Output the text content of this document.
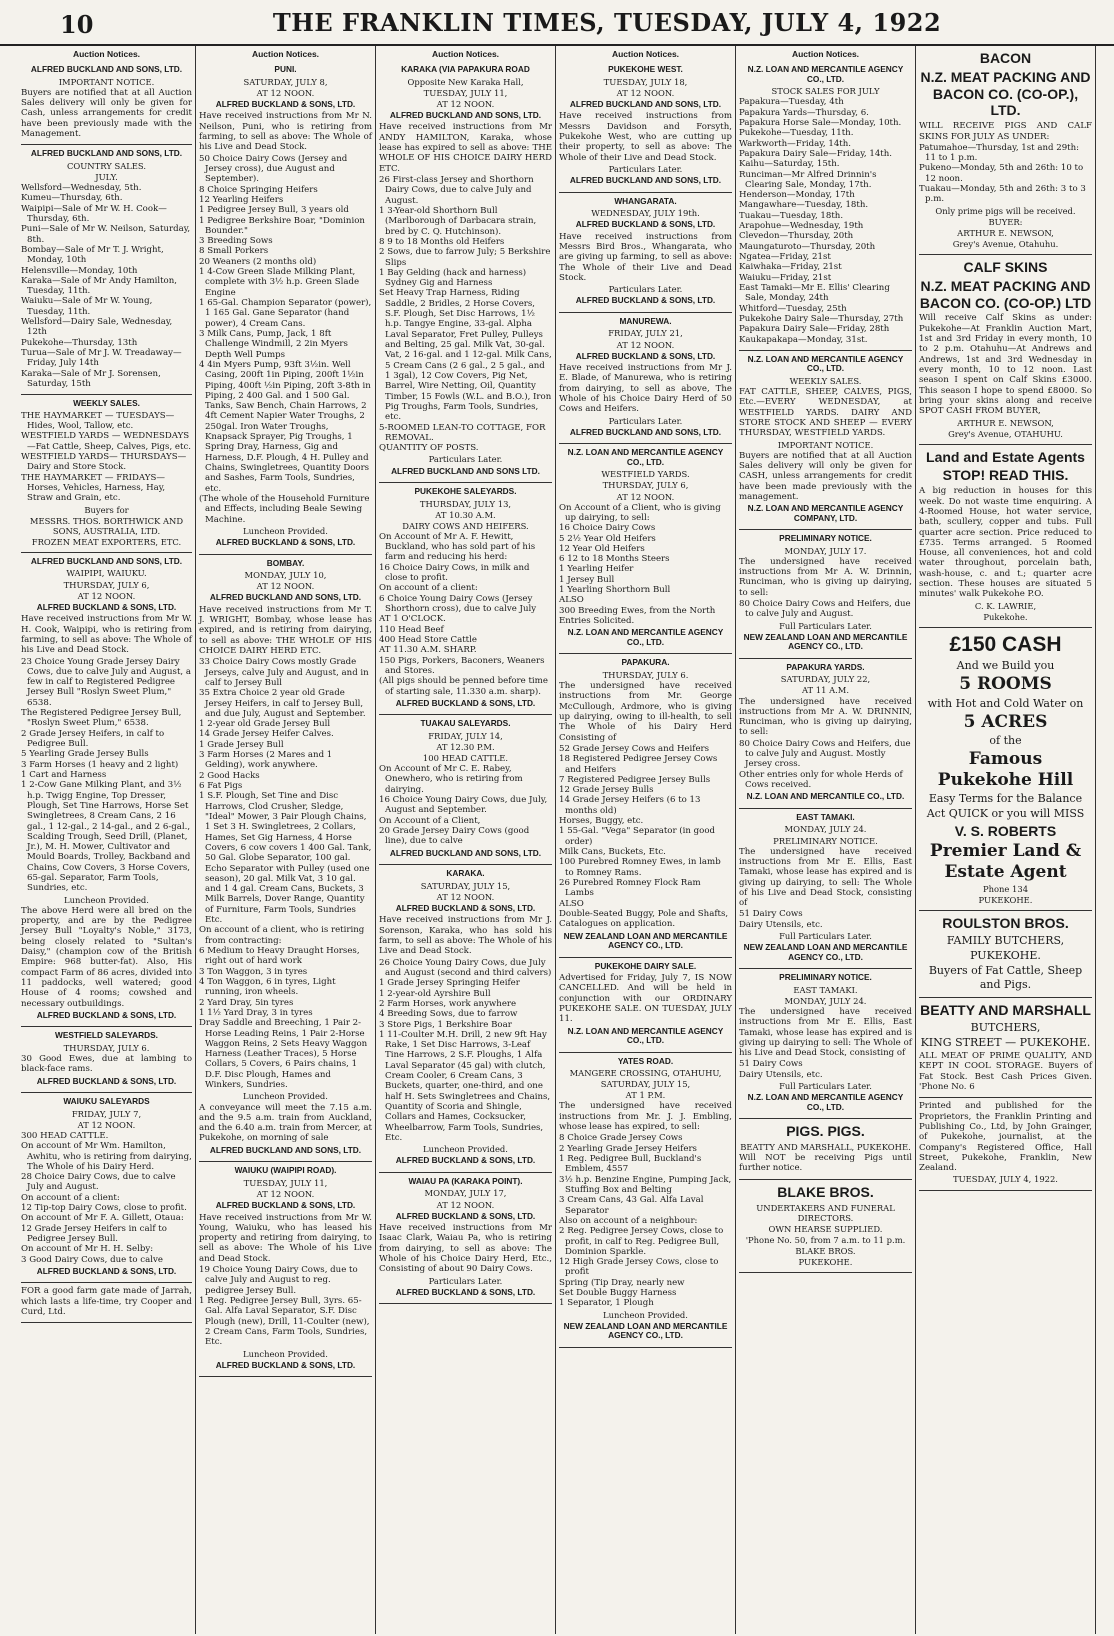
10	THE FRANKLIN TIMES, TUESDAY, JULY 4, 1922
Auction Notices.
ALFRED BUCKLAND AND SONS, LTD.
IMPORTANT NOTICE.
Buyers are notified that at all Auction Sales delivery will only be given for Cash, unless arrangements for credit have been previously made with the Management.
ALFRED BUCKLAND AND SONS, LTD.
COUNTRY SALES.
JULY.
Wellsford—Wednesday, 5th.
Kumeu—Thursday, 6th.
Waipipi—Sale of Mr W. H. Cook—Thursday, 6th.
Puni—Sale of Mr W. Neilson, Saturday, 8th.
Bombay—Sale of Mr T. J. Wright, Monday, 10th
Helensville—Monday, 10th
Karaka—Sale of Mr Andy Hamilton, Tuesday, 11th.
Waiuku—Sale of Mr W. Young, Tuesday, 11th.
Wellsford—Dairy Sale, Wednesday, 12th
Pukekohe—Thursday, 13th
Turua—Sale of Mr J. W. Treadaway—Friday, July 14th
Karaka—Sale of Mr J. Sorensen, Saturday, 15th
WEEKLY SALES.
THE HAYMARKET — TUESDAYS—Hides, Wool, Tallow, etc.
WESTFIELD YARDS — WEDNESDAYS—Fat Cattle, Sheep, Calves, Pigs, etc.
WESTFIELD YARDS— THURSDAYS—Dairy and Store Stock.
THE HAYMARKET — FRIDAYS—Horses, Vehicles, Harness, Hay, Straw and Grain, etc.
Buyers for
MESSRS. THOS. BORTHWICK AND SONS, AUSTRALIA, LTD.
FROZEN MEAT EXPORTERS, ETC.
ALFRED BUCKLAND AND SONS, LTD.
WAIPIPI, WAIUKU.
THURSDAY, JULY 6,
AT 12 NOON.
ALFRED BUCKLAND & SONS, LTD.
Have received instructions from Mr W. H. Cook, Waipipi, who is retiring from farming, to sell as above: The Whole of his Live and Dead Stock.
23 Choice Young Grade Jersey Dairy Cows, due to calve July and August, a few in calf to Registered Pedigree Jersey Bull "Roslyn Sweet Plum," 6538.
The Registered Pedigree Jersey Bull, "Roslyn Sweet Plum," 6538.
2 Grade Jersey Heifers, in calf to Pedigree Bull.
5 Yearling Grade Jersey Bulls
3 Farm Horses (1 heavy and 2 light)
1 Cart and Harness
1 2-Cow Gane Milking Plant, and 3½ h.p. Twigg Engine, Top Dresser, Plough, Set Tine Harrows, Horse Set Swingletrees, 8 Cream Cans, 2 16 gal., 1 12-gal., 2 14-gal., and 2 6-gal., Scalding Trough, Seed Drill, (Planet, Jr.), M. H. Mower, Cultivator and Mould Boards, Trolley, Backband and Chains, Cow Covers, 3 Horse Covers, 65-gal. Separator, Farm Tools, Sundries, etc.
Luncheon Provided.
The above Herd were all bred on the property, and are by the Pedigree Jersey Bull "Loyalty's Noble," 3173, being closely related to "Sultan's Daisy," (champion cow of the British Empire: 968 butter-fat). Also, His compact Farm of 86 acres, divided into 11 paddocks, well watered; good House of 4 rooms; cowshed and necessary outbuildings.
ALFRED BUCKLAND & SONS, LTD.
WESTFIELD SALEYARDS.
THURSDAY, JULY 6.
30 Good Ewes, due at lambing to black-face rams.
ALFRED BUCKLAND & SONS, LTD.
WAIUKU SALEYARDS
FRIDAY, JULY 7,
AT 12 NOON.
300 HEAD CATTLE.
On account of Mr Wm. Hamilton, Awhitu, who is retiring from dairying, The Whole of his Dairy Herd.
28 Choice Dairy Cows, due to calve July and August.
On account of a client:
12 Tip-top Dairy Cows, close to profit.
On account of Mr F. A. Gillett, Otaua:
12 Grade Jersey Heifers in calf to Pedigree Jersey Bull.
On account of Mr H. H. Selby:
3 Good Dairy Cows, due to calve
ALFRED BUCKLAND & SONS, LTD.
FOR a good farm gate made of Jarrah, which lasts a life-time, try Cooper and Curd, Ltd.
Auction Notices.
PUNI.
SATURDAY, JULY 8,
AT 12 NOON.
ALFRED BUCKLAND & SONS, LTD.
Have received instructions from Mr N. Neilson, Puni, who is retiring from farming, to sell as above: The Whole of his Live and Dead Stock.
50 Choice Dairy Cows (Jersey and Jersey cross), due August and September).
8 Choice Springing Heifers
12 Yearling Heifers
1 Pedigree Jersey Bull, 3 years old
1 Pedigree Berkshire Boar, "Dominion Bounder."
3 Breeding Sows
8 Small Porkers
20 Weaners (2 months old)
1 4-Cow Green Slade Milking Plant, complete with 3½ h.p. Green Slade Engine
1 65-Gal. Champion Separator (power), 1 165 Gal. Gane Separator (hand power), 4 Cream Cans.
3 Milk Cans, Pump, Jack, 1 8ft Challenge Windmill, 2 2in Myers Depth Well Pumps
4 4in Myers Pump, 93ft 3½in. Well Casing, 200ft 1in Piping, 200ft 1½in Piping, 400ft ½in Piping, 20ft 3-8th in Piping, 2 400 Gal. and 1 500 Gal. Tanks, Saw Bench, Chain Harrows, 2 4ft Cement Napier Water Troughs, 2 250gal. Iron Water Troughs, Knapsack Sprayer, Pig Troughs, 1 Spring Dray, Harness, Gig and Harness, D.F. Plough, 4 H. Pulley and Chains, Swingletrees, Quantity Doors and Sashes, Farm Tools, Sundries, etc.
(The whole of the Household Furniture and Effects, including Beale Sewing Machine.
Luncheon Provided.
ALFRED BUCKLAND & SONS, LTD.
BOMBAY.
MONDAY, JULY 10,
AT 12 NOON.
ALFRED BUCKLAND AND SONS, LTD.
Have received instructions from Mr T. J. WRIGHT, Bombay, whose lease has expired, and is retiring from dairying, to sell as above: THE WHOLE OF HIS CHOICE DAIRY HERD ETC.
33 Choice Dairy Cows mostly Grade Jerseys, calve July and August, and in calf to Jersey Bull
35 Extra Choice 2 year old Grade Jersey Heifers, in calf to Jersey Bull, and due July, August and September.
1 2-year old Grade Jersey Bull
14 Grade Jersey Heifer Calves.
1 Grade Jersey Bull
3 Farm Horses (2 Mares and 1 Gelding), work anywhere.
2 Good Hacks
6 Fat Pigs
1 S.F. Plough, Set Tine and Disc Harrows, Clod Crusher, Sledge, "Ideal" Mower, 3 Pair Plough Chains, 1 Set 3 H. Swingletrees, 2 Collars, Hames, Set Gig Harness, 4 Horse Covers, 6 cow covers 1 400 Gal. Tank, 50 Gal. Globe Separator, 100 gal. Echo Separator with Pulley (used one season), 20 gal. Milk Vat, 3 10 gal. and 1 4 gal. Cream Cans, Buckets, 3 Milk Barrels, Dover Range, Quantity of Furniture, Farm Tools, Sundries Etc.
On account of a client, who is retiring from contracting:
6 Medium to Heavy Draught Horses, right out of hard work
3 Ton Waggon, 3 in tyres
4 Ton Waggon, 6 in tyres, Light running, iron wheels.
2 Yard Dray, 5in tyres
1 1½ Yard Dray, 3 in tyres
Dray Saddle and Breeching, 1 Pair 2-Horse Leading Reins, 1 Pair 2-Horse Waggon Reins, 2 Sets Heavy Waggon Harness (Leather Traces), 5 Horse Collars, 5 Covers, 6 Pairs chains, 1 D.F. Disc Plough, Hames and Winkers, Sundries.
Luncheon Provided.
A conveyance will meet the 7.15 a.m. and the 9.5 a.m. train from Auckland, and the 6.40 a.m. train from Mercer, at Pukekohe, on morning of sale
ALFRED BUCKLAND AND SONS, LTD.
WAIUKU (WAIPIPI ROAD).
TUESDAY, JULY 11,
AT 12 NOON.
ALFRED BUCKLAND & SONS, LTD.
Have received instructions from Mr W. Young, Waiuku, who has leased his property and retiring from dairying, to sell as above: The Whole of his Live and Dead Stock.
19 Choice Young Dairy Cows, due to calve July and August to reg. pedigree Jersey Bull.
1 Reg. Pedigree Jersey Bull, 3yrs. 65-Gal. Alfa Laval Separator, S.F. Disc Plough (new), Drill, 11-Coulter (new), 2 Cream Cans, Farm Tools, Sundries, Etc.
Luncheon Provided.
ALFRED BUCKLAND & SONS, LTD.
Auction Notices.
KARAKA (VIA PAPAKURA ROAD
Opposite New Karaka Hall,
TUESDAY, JULY 11,
AT 12 NOON.
ALFRED BUCKLAND AND SONS, LTD.
Have received instructions from Mr ANDY HAMILTON, Karaka, whose lease has expired to sell as above: THE WHOLE OF HIS CHOICE DAIRY HERD ETC.
26 First-class Jersey and Shorthorn Dairy Cows, due to calve July and August.
1 3-Year-old Shorthorn Bull (Marlborough of Darbacara strain, bred by C. Q. Hutchinson).
8 9 to 18 Months old Heifers
2 Sows, due to farrow July; 5 Berkshire Slips
1 Bay Gelding (hack and harness) Sydney Gig and Harness
Set Heavy Trap Harness, Riding Saddle, 2 Bridles, 2 Horse Covers, S.F. Plough, Set Disc Harrows, 1½ h.p. Tangye Engine, 33-gal. Alpha Laval Separator, Fret Pulley, Pulleys and Belting, 25 gal. Milk Vat, 30-gal. Vat, 2 16-gal. and 1 12-gal. Milk Cans, 5 Cream Cans (2 6 gal., 2 5 gal., and 1 3gal), 12 Cow Covers, Pig Net, Barrel, Wire Netting, Oil, Quantity Timber, 15 Fowls (W.L. and B.O.), Iron Pig Troughs, Farm Tools, Sundries, etc.
5-ROOMED LEAN-TO COTTAGE, FOR REMOVAL.
QUANTITY OF POSTS.
Particulars Later.
ALFRED BUCKLAND AND SONS LTD.
PUKEKOHE SALEYARDS.
THURSDAY, JULY 13,
AT 10.30 A.M.
DAIRY COWS AND HEIFERS.
On Account of Mr A. F. Hewitt, Buckland, who has sold part of his farm and reducing his herd:
16 Choice Dairy Cows, in milk and close to profit.
On account of a client:
6 Choice Young Dairy Cows (Jersey Shorthorn cross), due to calve July
AT 1 O'CLOCK.
110 Head Beef
400 Head Store Cattle
AT 11.30 A.M. SHARP.
150 Pigs, Porkers, Baconers, Weaners and Stores.
(All pigs should be penned before time of starting sale, 11.330 a.m. sharp).
ALFRED BUCKLAND & SONS, LTD.
TUAKAU SALEYARDS.
FRIDAY, JULY 14,
AT 12.30 P.M.
100 HEAD CATTLE.
On Account of Mr C. E. Rabey, Onewhero, who is retiring from dairying.
16 Choice Young Dairy Cows, due July, August and September.
On Account of a Client,
20 Grade Jersey Dairy Cows (good line), due to calve
ALFRED BUCKLAND AND SONS, LTD.
KARAKA.
SATURDAY, JULY 15,
AT 12 NOON.
ALFRED BUCKLAND & SONS, LTD.
Have received instructions from Mr J. Sorenson, Karaka, who has sold his farm, to sell as above: The Whole of his Live and Dead Stock.
26 Choice Young Dairy Cows, due July and August (second and third calvers)
1 Grade Jersey Springing Heifer
1 2-year-old Ayrshire Bull
2 Farm Horses, work anywhere
4 Breeding Sows, due to farrow
3 Store Pigs, 1 Berkshire Boar
1 11-Coulter M.H. Drill, 2 new 9ft Hay Rake, 1 Set Disc Harrows, 3-Leaf Tine Harrows, 2 S.F. Ploughs, 1 Alfa Laval Separator (45 gal) with clutch, Cream Cooler, 6 Cream Cans, 3 Buckets, quarter, one-third, and one half H. Sets Swingletrees and Chains, Quantity of Scoria and Shingle, Collars and Hames, Cocksucker, Wheelbarrow, Farm Tools, Sundries, Etc.
Luncheon Provided.
ALFRED BUCKLAND & SONS, LTD.
WAIAU PA (KARAKA POINT).
MONDAY, JULY 17,
AT 12 NOON.
ALFRED BUCKLAND & SONS, LTD.
Have received instructions from Mr Isaac Clark, Waiau Pa, who is retiring from dairying, to sell as above: The Whole of his Choice Dairy Herd, Etc., Consisting of about 90 Dairy Cows.
Particulars Later.
ALFRED BUCKLAND & SONS, LTD.
Auction Notices.
PUKEKOHE WEST.
TUESDAY, JULY 18,
AT 12 NOON.
ALFRED BUCKLAND AND SONS, LTD.
Have received instructions from Messrs Davidson and Forsyth, Pukekohe West, who are cutting up their property, to sell as above: The Whole of their Live and Dead Stock.
Particulars Later.
ALFRED BUCKLAND AND SONS, LTD.
WHANGARATA.
WEDNESDAY, JULY 19th.
ALFRED BUCKLAND & SONS, LTD.
Have received instructions from Messrs Bird Bros., Whangarata, who are giving up farming, to sell as above: The Whole of their Live and Dead Stock.
Particulars Later.
ALFRED BUCKLAND & SONS, LTD.
MANUREWA.
FRIDAY, JULY 21,
AT 12 NOON.
ALFRED BUCKLAND & SONS, LTD.
Have received instructions from Mr J. E. Blade, of Manurewa, who is retiring from dairying, to sell as above, The Whole of his Choice Dairy Herd of 50 Cows and Heifers.
Particulars Later.
ALFRED BUCKLAND AND SONS, LTD.
N.Z. LOAN AND MERCANTILE AGENCY CO., LTD.
WESTFIELD YARDS.
THURSDAY, JULY 6,
AT 12 NOON.
On Account of a Client, who is giving up dairying, to sell:
16 Choice Dairy Cows
5 2½ Year Old Heifers
12 Year Old Heifers
6 12 to 18 Months Steers
1 Yearling Heifer
1 Jersey Bull
1 Yearling Shorthorn Bull
ALSO
300 Breeding Ewes, from the North
Entries Solicited.
N.Z. LOAN AND MERCANTILE AGENCY CO., LTD.
PAPAKURA.
THURSDAY, JULY 6.
The undersigned have received instructions from Mr. George McCullough, Ardmore, who is giving up dairying, owing to ill-health, to sell The Whole of his Dairy Herd Consisting of
52 Grade Jersey Cows and Heifers
18 Registered Pedigree Jersey Cows and Heifers
7 Registered Pedigree Jersey Bulls
12 Grade Jersey Bulls
14 Grade Jersey Heifers (6 to 13 months old)
Horses, Buggy, etc.
1 55-Gal. "Vega" Separator (in good order)
Milk Cans, Buckets, Etc.
100 Purebred Romney Ewes, in lamb to Romney Rams.
26 Purebred Romney Flock Ram Lambs
ALSO
Double-Seated Buggy, Pole and Shafts,
Catalogues on application.
NEW ZEALAND LOAN AND MERCANTILE AGENCY CO., LTD.
PUKEKOHE DAIRY SALE.
Advertised for Friday, July 7, IS NOW CANCELLED. And will be held in conjunction with our ORDINARY PUKEKOHE SALE. ON TUESDAY, JULY 11.
N.Z. LOAN AND MERCANTILE AGENCY CO., LTD.
YATES ROAD.
MANGERE CROSSING, OTAHUHU,
SATURDAY, JULY 15,
AT 1 P.M.
The undersigned have received instructions from Mr. J. J. Embling, whose lease has expired, to sell:
8 Choice Grade Jersey Cows
2 Yearling Grade Jersey Heifers
1 Reg. Pedigree Bull, Buckland's Emblem, 4557
3½ h.p. Benzine Engine, Pumping Jack, Stuffing Box and Belting
3 Cream Cans, 43 Gal. Alfa Laval Separator
Also on account of a neighbour:
2 Reg. Pedigree Jersey Cows, close to profit, in calf to Reg. Pedigree Bull, Dominion Sparkle.
12 High Grade Jersey Cows, close to profit
Spring (Tip Dray, nearly new
Set Double Buggy Harness
1 Separator, 1 Plough
Luncheon Provided.
NEW ZEALAND LOAN AND MERCANTILE AGENCY CO., LTD.
Auction Notices.
N.Z. LOAN AND MERCANTILE AGENCY CO., LTD.
STOCK SALES FOR JULY
Papakura—Tuesday, 4th
Papakura Yards—Thursday, 6.
Papakura Horse Sale—Monday, 10th.
Pukekohe—Tuesday, 11th.
Warkworth—Friday, 14th.
Papakura Dairy Sale—Friday, 14th.
Kaihu—Saturday, 15th.
Runciman—Mr Alfred Drinnin's Clearing Sale, Monday, 17th.
Henderson—Monday, 17th
Mangawhare—Tuesday, 18th.
Tuakau—Tuesday, 18th.
Arapohue—Wednesday, 19th
Clevedon—Thursday, 20th
Maungaturoto—Thursday, 20th
Ngatea—Friday, 21st
Kaiwhaka—Friday, 21st
Waiuku—Friday, 21st
East Tamaki—Mr E. Ellis' Clearing Sale, Monday, 24th
Whitford—Tuesday, 25th
Pukekohe Dairy Sale—Thursday, 27th
Papakura Dairy Sale—Friday, 28th
Kaukapakapa—Monday, 31st.
N.Z. LOAN AND MERCANTILE AGENCY CO., LTD.
WEEKLY SALES.
FAT CATTLE, SHEEP, CALVES, PIGS, Etc.—EVERY WEDNESDAY, at WESTFIELD YARDS. DAIRY AND STORE STOCK AND SHEEP — EVERY THURSDAY, WESTFIELD YARDS.
IMPORTANT NOTICE.
Buyers are notified that at all Auction Sales delivery will only be given for CASH, unless arrangements for credit have been made previously with the management.
N.Z. LOAN AND MERCANTILE AGENCY COMPANY, LTD.
PRELIMINARY NOTICE.
MONDAY, JULY 17.
The undersigned have received instructions from Mr A. W. Drinnin, Runciman, who is giving up dairying, to sell:
80 Choice Dairy Cows and Heifers, due to calve July and August.
Full Particulars Later.
NEW ZEALAND LOAN AND MERCANTILE AGENCY CO., LTD.
PAPAKURA YARDS.
SATURDAY, JULY 22,
AT 11 A.M.
The undersigned have received instructions from Mr A. W. DRINNIN, Runciman, who is giving up dairying, to sell:
80 Choice Dairy Cows and Heifers, due to calve July and August. Mostly Jersey cross.
Other entries only for whole Herds of Cows received.
N.Z. LOAN AND MERCANTILE CO., LTD.
EAST TAMAKI.
MONDAY, JULY 24.
PRELIMINARY NOTICE.
The undersigned have received instructions from Mr E. Ellis, East Tamaki, whose lease has expired and is giving up dairying, to sell: The Whole of his Live and Dead Stock, consisting of
51 Dairy Cows
Dairy Utensils, etc.
Full Particulars Later.
NEW ZEALAND LOAN AND MERCANTILE AGENCY CO., LTD.
PRELIMINARY NOTICE.
EAST TAMAKI.
MONDAY, JULY 24.
The undersigned have received instructions from Mr E. Ellis, East Tamaki, whose lease has expired and is giving up dairying to sell: The Whole of his Live and Dead Stock, consisting of
51 Dairy Cows
Dairy Utensils, etc.
Full Particulars Later.
N.Z. LOAN AND MERCANTILE AGENCY CO., LTD.
PIGS. PIGS.
BEATTY AND MARSHALL, PUKEKOHE.
Will NOT be receiving Pigs until further notice.
BLAKE BROS.
UNDERTAKERS AND FUNERAL DIRECTORS.
OWN HEARSE SUPPLIED.
'Phone No. 50, from 7 a.m. to 11 p.m.
BLAKE BROS.
PUKEKOHE.
BACON
N.Z. MEAT PACKING AND BACON CO. (CO-OP.), LTD.
WILL RECEIVE PIGS AND CALF SKINS FOR JULY AS UNDER:
Patumahoe—Thursday, 1st and 29th: 11 to 1 p.m.
Pukeno—Monday, 5th and 26th: 10 to 12 noon.
Tuakau—Monday, 5th and 26th: 3 to 3 p.m.
Only prime pigs will be received.
BUYER:
ARTHUR E. NEWSON,
Grey's Avenue, Otahuhu.
CALF SKINS
N.Z. MEAT PACKING AND BACON CO. (CO-OP.) LTD
Will receive Calf Skins as under: Pukekohe—At Franklin Auction Mart, 1st and 3rd Friday in every month, 10 to 2 p.m. Otahuhu—At Andrews and Andrews, 1st and 3rd Wednesday in every month, 10 to 12 noon. Last season I spent on Calf Skins £3000. This season I hope to spend £8000. So bring your skins along and receive SPOT CASH FROM BUYER,
ARTHUR E. NEWSON,
Grey's Avenue, OTAHUHU.
Land and Estate Agents
STOP! READ THIS.
A big reduction in houses for this week. Do not waste time enquiring. A 4-Roomed House, hot water service, bath, scullery, copper and tubs. Full quarter acre section. Price reduced to £735. Terms arranged. 5 Roomed House, all conveniences, hot and cold water throughout, porcelain bath, wash-house, c. and t.; quarter acre section. These houses are situated 5 minutes' walk Pukekohe P.O.
C. K. LAWRIE,
Pukekohe.
£150 CASH
And we Build you
5 ROOMS
with Hot and Cold Water on
5 ACRES
of the
Famous Pukekohe Hill
Easy Terms for the Balance
Act QUICK or you will MISS
V. S. ROBERTS
Premier Land & Estate Agent
Phone 134
PUKEKOHE.
ROULSTON BROS.
FAMILY BUTCHERS,
PUKEKOHE.
Buyers of Fat Cattle, Sheep and Pigs.
BEATTY AND MARSHALL
BUTCHERS,
KING STREET — PUKEKOHE.
ALL MEAT OF PRIME QUALITY, AND KEPT IN COOL STORAGE. Buyers of Fat Stock. Best Cash Prices Given. 'Phone No. 6
Printed and published for the Proprietors, the Franklin Printing and Publishing Co., Ltd, by John Grainger, of Pukekohe, journalist, at the Company's Registered Office, Hall Street, Pukekohe, Franklin, New Zealand.
TUESDAY, JULY 4, 1922.
